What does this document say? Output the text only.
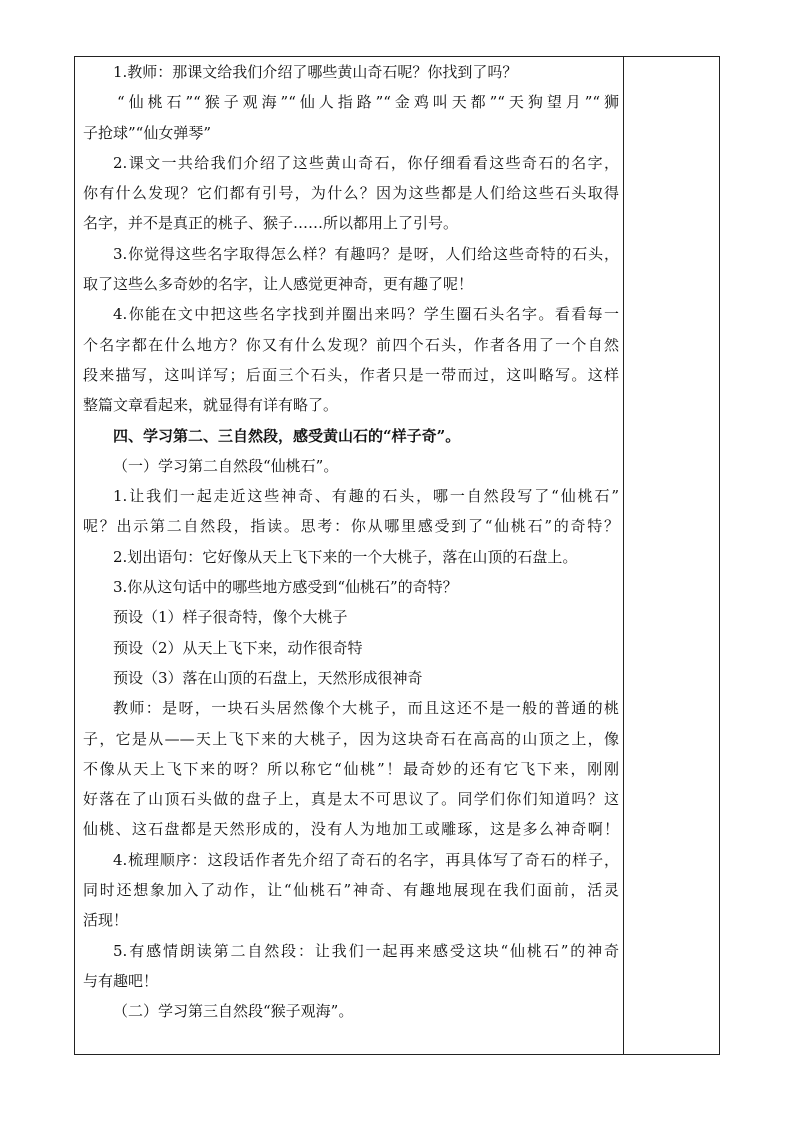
1.教师：那课文给我们介绍了哪些黄山奇石呢？你找到了吗？
“仙桃石”“猴子观海”“仙人指路”“金鸡叫天都”“天狗望月”“狮
子抢球”“仙女弹琴”
2.课文一共给我们介绍了这些黄山奇石，你仔细看看这些奇石的名字，
你有什么发现？它们都有引号，为什么？因为这些都是人们给这些石头取得
名字，并不是真正的桃子、猴子……所以都用上了引号。
3.你觉得这些名字取得怎么样？有趣吗？是呀，人们给这些奇特的石头，
取了这些么多奇妙的名字，让人感觉更神奇，更有趣了呢！
4.你能在文中把这些名字找到并圈出来吗？学生圈石头名字。看看每一
个名字都在什么地方？你又有什么发现？前四个石头，作者各用了一个自然
段来描写，这叫详写；后面三个石头，作者只是一带而过，这叫略写。这样
整篇文章看起来，就显得有详有略了。
四、学习第二、三自然段，感受黄山石的“样子奇”。
（一）学习第二自然段“仙桃石”。
1.让我们一起走近这些神奇、有趣的石头，哪一自然段写了“仙桃石”
呢？出示第二自然段，指读。思考：你从哪里感受到了“仙桃石”的奇特？
2.划出语句：它好像从天上飞下来的一个大桃子，落在山顶的石盘上。
3.你从这句话中的哪些地方感受到“仙桃石”的奇特？
预设（1）样子很奇特，像个大桃子
预设（2）从天上飞下来，动作很奇特
预设（3）落在山顶的石盘上，天然形成很神奇
教师：是呀，一块石头居然像个大桃子，而且这还不是一般的普通的桃
子，它是从——天上飞下来的大桃子，因为这块奇石在高高的山顶之上，像
不像从天上飞下来的呀？所以称它“仙桃”！最奇妙的还有它飞下来，刚刚
好落在了山顶石头做的盘子上，真是太不可思议了。同学们你们知道吗？这
仙桃、这石盘都是天然形成的，没有人为地加工或雕琢，这是多么神奇啊！
4.梳理顺序：这段话作者先介绍了奇石的名字，再具体写了奇石的样子，
同时还想象加入了动作，让“仙桃石”神奇、有趣地展现在我们面前，活灵
活现！
5.有感情朗读第二自然段：让我们一起再来感受这块“仙桃石”的神奇
与有趣吧！
（二）学习第三自然段“猴子观海”。
